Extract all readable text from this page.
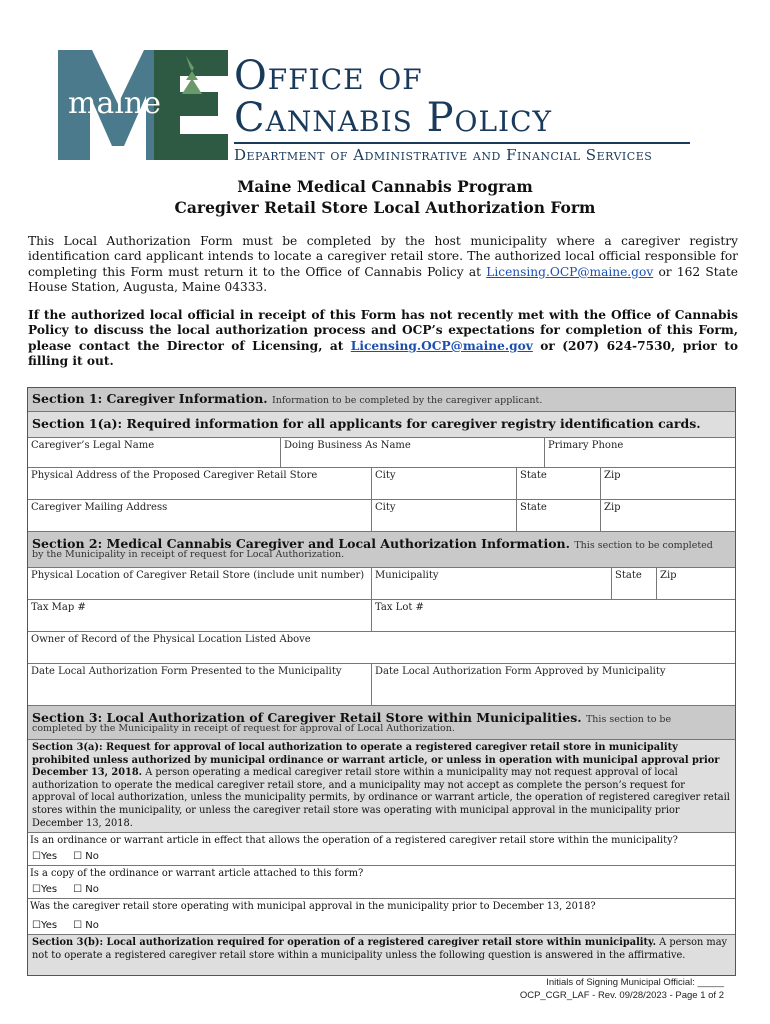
maine
Office of
Cannabis Policy
Department of Administrative and Financial Services
Maine Medical Cannabis Program
Caregiver Retail Store Local Authorization Form
This Local Authorization Form must be completed by the host municipality where a caregiver registry identification card applicant intends to locate a caregiver retail store. The authorized local official responsible for completing this Form must return it to the Office of Cannabis Policy at Licensing.OCP@maine.gov or 162 State House Station, Augusta, Maine 04333.
If the authorized local official in receipt of this Form has not recently met with the Office of Cannabis Policy to discuss the local authorization process and OCP’s expectations for completion of this Form, please contact the Director of Licensing, at Licensing.OCP@maine.gov or (207) 624-7530, prior to filling it out.
Section 1: Caregiver Information. Information to be completed by the caregiver applicant.
Section 1(a): Required information for all applicants for caregiver registry identification cards.
Caregiver’s Legal Name	Doing Business As Name	Primary Phone
Physical Address of the Proposed Caregiver Retail Store	City	State	Zip
Caregiver Mailing Address	City	State	Zip
Section 2: Medical Cannabis Caregiver and Local Authorization Information. This section to be completed
by the Municipality in receipt of request for Local Authorization.
Physical Location of Caregiver Retail Store (include unit number)	Municipality	State	Zip
Tax Map #	Tax Lot #
Owner of Record of the Physical Location Listed Above
Date Local Authorization Form Presented to the Municipality	Date Local Authorization Form Approved by Municipality
Section 3: Local Authorization of Caregiver Retail Store within Municipalities. This section to be
completed by the Municipality in receipt of request for approval of Local Authorization.
Section 3(a): Request for approval of local authorization to operate a registered caregiver retail store in municipality prohibited unless authorized by municipal ordinance or warrant article, or unless in operation with municipal approval prior December 13, 2018. A person operating a medical caregiver retail store within a municipality may not request approval of local authorization to operate the medical caregiver retail store, and a municipality may not accept as complete the person’s request for approval of local authorization, unless the municipality permits, by ordinance or warrant article, the operation of registered caregiver retail stores within the municipality, or unless the caregiver retail store was operating with municipal approval in the municipality prior December 13, 2018.
Is an ordinance or warrant article in effect that allows the operation of a registered caregiver retail store within the municipality?
☐Yes ☐ No
Is a copy of the ordinance or warrant article attached to this form?
☐Yes ☐ No
Was the caregiver retail store operating with municipal approval in the municipality prior to December 13, 2018?
☐Yes ☐ No
Section 3(b): Local authorization required for operation of a registered caregiver retail store within municipality. A person may not to operate a registered caregiver retail store within a municipality unless the following question is answered in the affirmative.
Initials of Signing Municipal Official: _____
OCP_CGR_LAF - Rev. 09/28/2023 - Page 1 of 2
